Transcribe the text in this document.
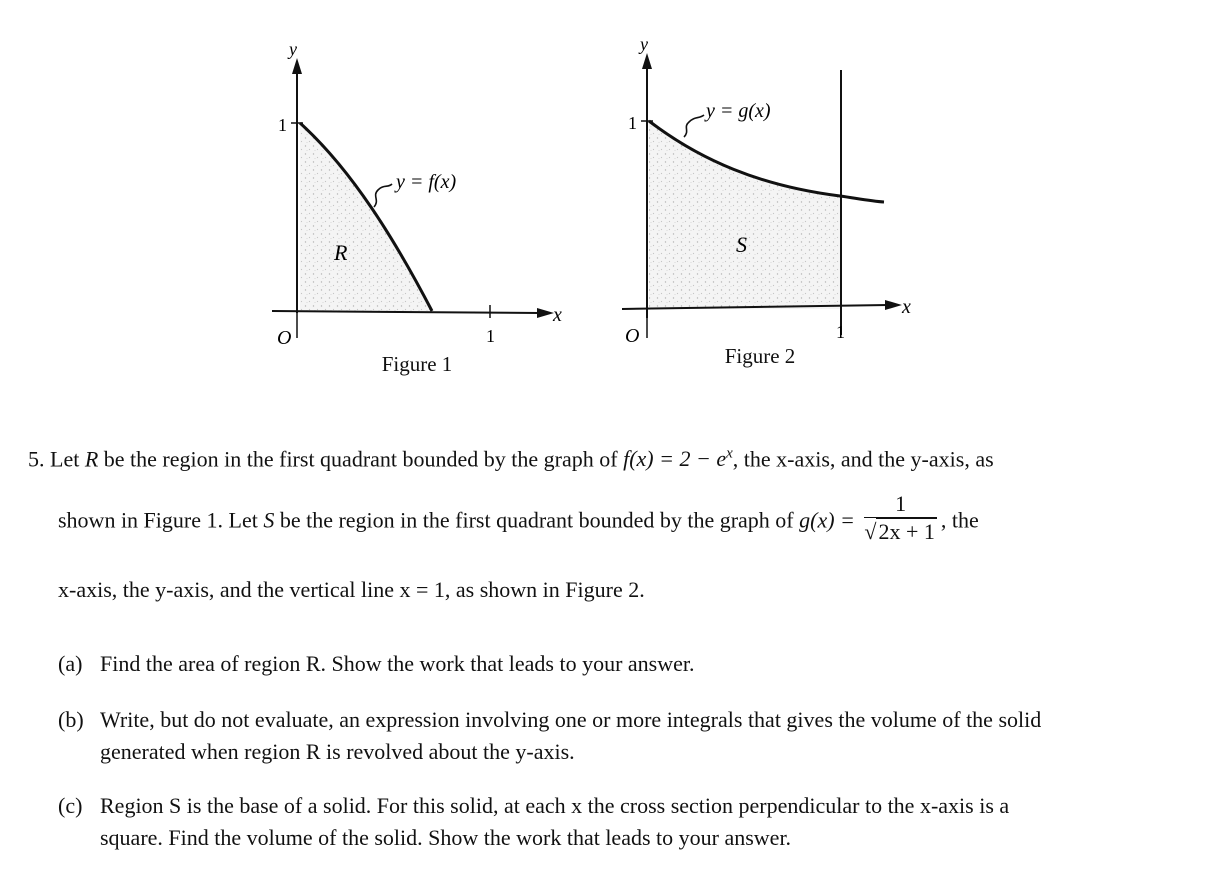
y
1
O	1
x
y = f(x)
R
y
1
O	1
x
y = g(x)
S
Figure 1	Figure 2
5. Let R be the region in the first quadrant bounded by the graph of $f(x) = 2 - e^x$, the x-axis, and the y-axis, as
shown in Figure 1. Let S be the region in the first quadrant bounded by the graph of $g(x) = \frac{1}{√2x + 1}$ , the
x-axis, the y-axis, and the vertical line x = 1, as shown in Figure 2.
(a) Find the area of region R. Show the work that leads to your answer.
(b) Write, but do not evaluate, an expression involving one or more integrals that gives the volume of the solid
generated when region R is revolved about the y-axis.
(c) Region S is the base of a solid. For this solid, at each x the cross section perpendicular to the x-axis is a
square. Find the volume of the solid. Show the work that leads to your answer.
